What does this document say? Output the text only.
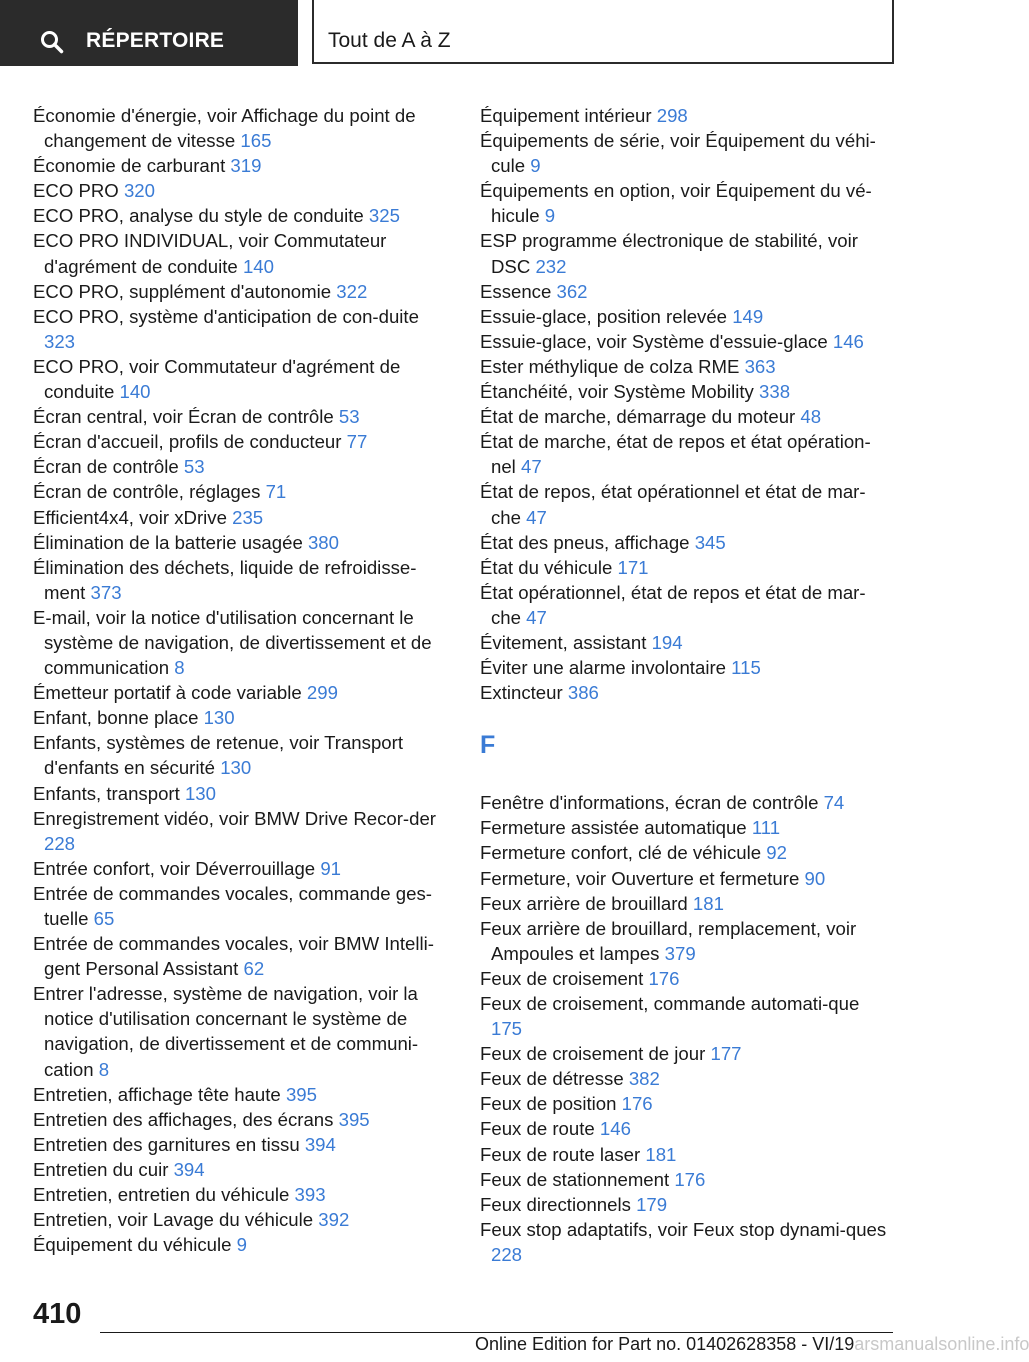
RÉPERTOIRE	Tout de A à Z

Économie d'énergie, voir Affichage du point de changement de vitesse 165

Économie de carburant 319

ECO PRO 320

ECO PRO, analyse du style de conduite 325

ECO PRO INDIVIDUAL, voir Commutateur d'agrément de conduite 140

ECO PRO, supplément d'autonomie 322

ECO PRO, système d'anticipation de con-duite 323

ECO PRO, voir Commutateur d'agrément de conduite 140

Écran central, voir Écran de contrôle 53

Écran d'accueil, profils de conducteur 77

Écran de contrôle 53

Écran de contrôle, réglages 71

Efficient4x4, voir xDrive 235

Élimination de la batterie usagée 380

Élimination des déchets, liquide de refroidisse-ment 373

E-mail, voir la notice d'utilisation concernant le système de navigation, de divertissement et de communication 8

Émetteur portatif à code variable 299

Enfant, bonne place 130

Enfants, systèmes de retenue, voir Transport d'enfants en sécurité 130

Enfants, transport 130

Enregistrement vidéo, voir BMW Drive Recor-der 228

Entrée confort, voir Déverrouillage 91

Entrée de commandes vocales, commande ges-tuelle 65

Entrée de commandes vocales, voir BMW Intelli-gent Personal Assistant 62

Entrer l'adresse, système de navigation, voir la notice d'utilisation concernant le système de navigation, de divertissement et de communi-cation 8

Entretien, affichage tête haute 395

Entretien des affichages, des écrans 395

Entretien des garnitures en tissu 394

Entretien du cuir 394

Entretien, entretien du véhicule 393

Entretien, voir Lavage du véhicule 392

Équipement du véhicule 9

Équipement intérieur 298

Équipements de série, voir Équipement du véhi-cule 9

Équipements en option, voir Équipement du vé-hicule 9

ESP programme électronique de stabilité, voir DSC 232

Essence 362

Essuie-glace, position relevée 149

Essuie-glace, voir Système d'essuie-glace 146

Ester méthylique de colza RME 363

Étanchéité, voir Système Mobility 338

État de marche, démarrage du moteur 48

État de marche, état de repos et état opération-nel 47

État de repos, état opérationnel et état de mar-che 47

État des pneus, affichage 345

État du véhicule 171

État opérationnel, état de repos et état de mar-che 47

Évitement, assistant 194

Éviter une alarme involontaire 115

Extincteur 386

F

Fenêtre d'informations, écran de contrôle 74

Fermeture assistée automatique 111

Fermeture confort, clé de véhicule 92

Fermeture, voir Ouverture et fermeture 90

Feux arrière de brouillard 181

Feux arrière de brouillard, remplacement, voir Ampoules et lampes 379

Feux de croisement 176

Feux de croisement, commande automati-que 175

Feux de croisement de jour 177

Feux de détresse 382

Feux de position 176

Feux de route 146

Feux de route laser 181

Feux de stationnement 176

Feux directionnels 179

Feux stop adaptatifs, voir Feux stop dynami-ques 228

410
Online Edition for Part no. 01402628358 - VI/19arsmanualsonline.info
